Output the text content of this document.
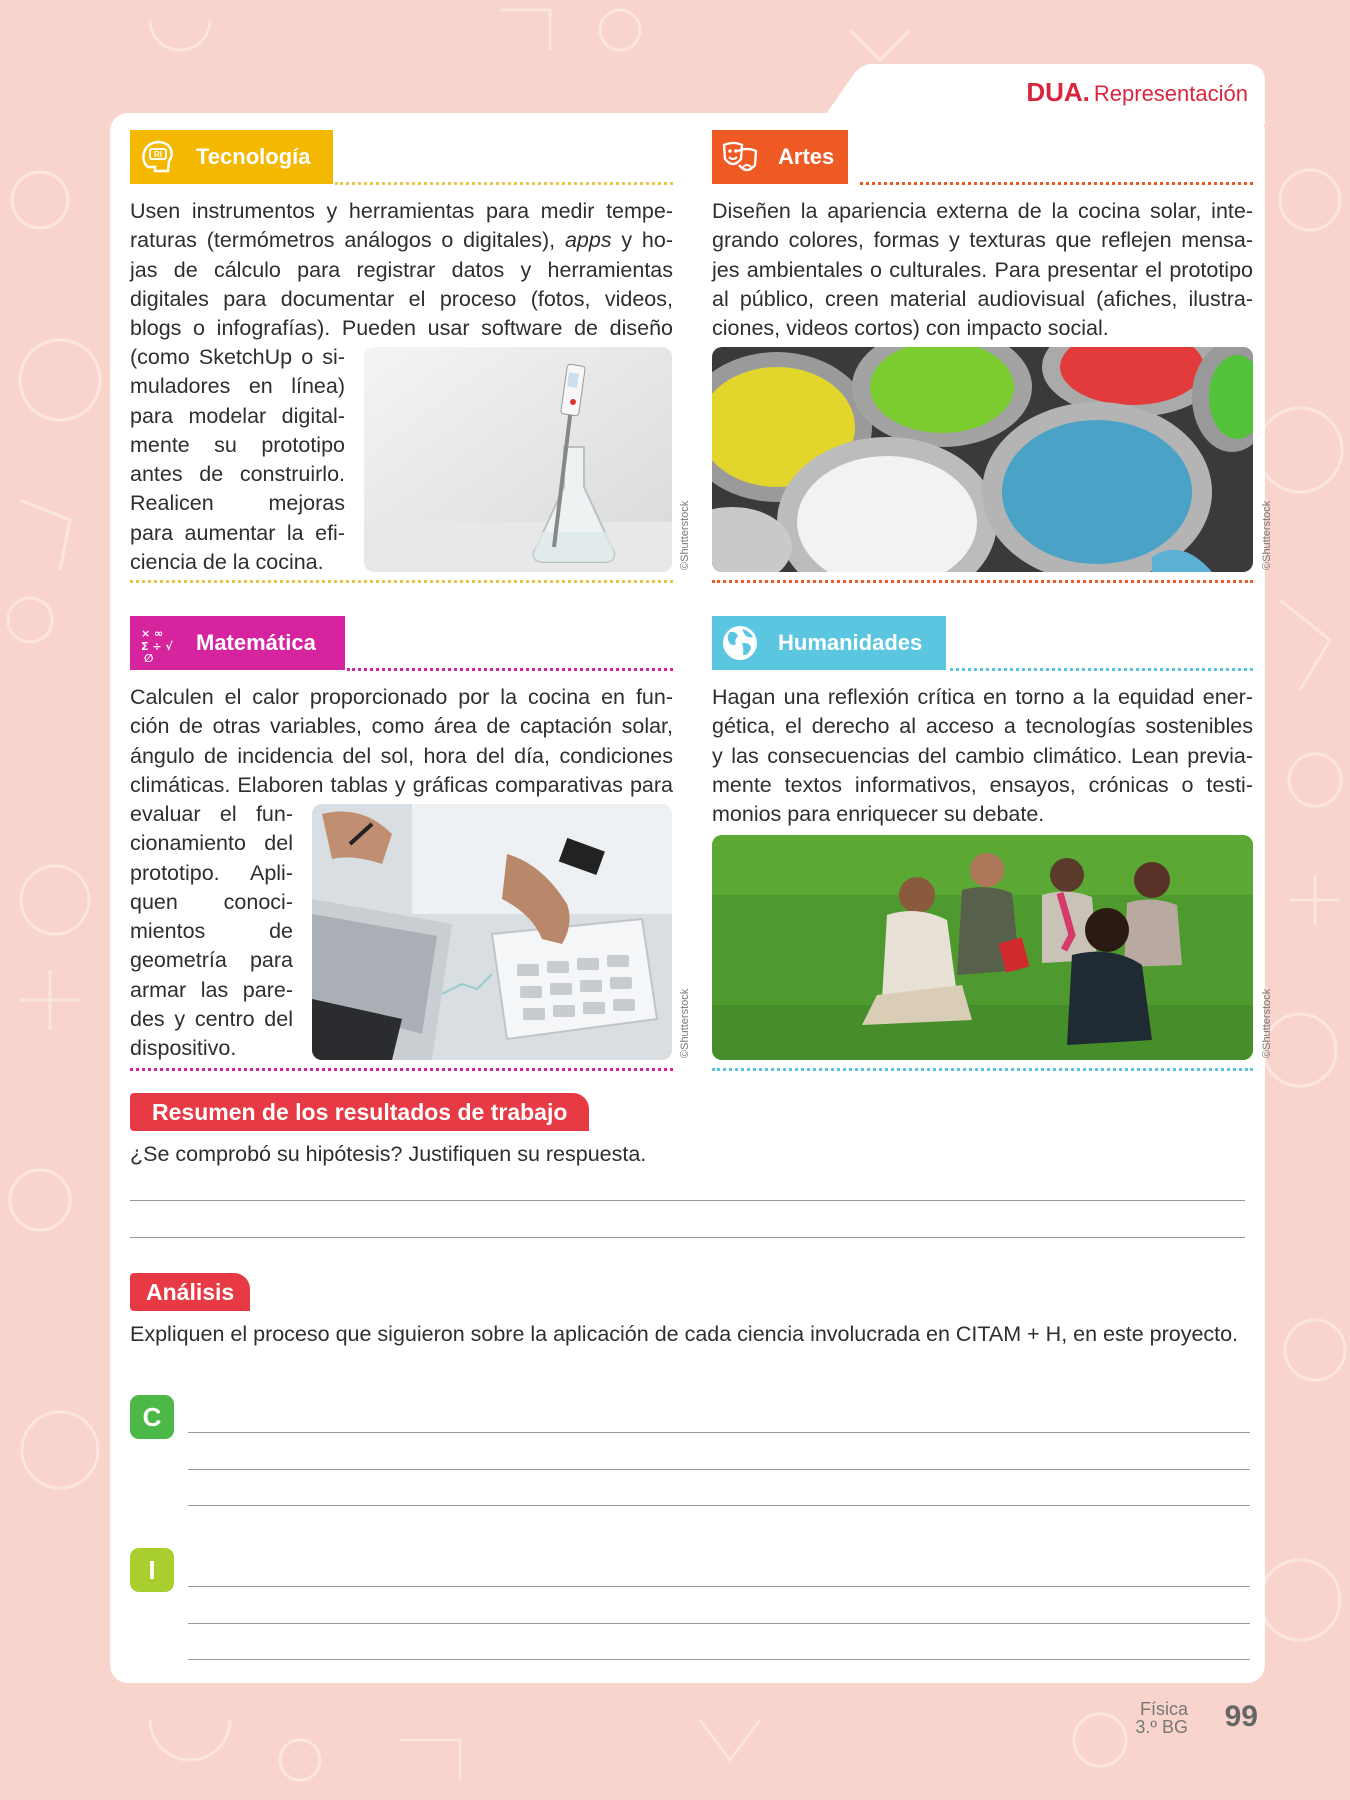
DUA. Representación
RI Tecnología
Usen instrumentos y herramientas para medir tempe-
raturas (termómetros análogos o digitales), apps y ho-
jas de cálculo para registrar datos y herramientas
digitales para documentar el proceso (fotos, videos,
blogs o infografías). Pueden usar software de diseño
(como SketchUp o si-
muladores en línea)
para modelar digital-
mente su prototipo
antes de construirlo.
Realicen mejoras
para aumentar la efi-
ciencia de la cocina.	©Shutterstock
Artes
Diseñen la apariencia externa de la cocina solar, inte-
grando colores, formas y texturas que reflejen mensa-
jes ambientales o culturales. Para presentar el prototipo
al público, creen material audiovisual (afiches, ilustra-
ciones, videos cortos) con impacto social.
©Shutterstock
× ∞
Σ ÷ √
∅
Matemática
Calculen el calor proporcionado por la cocina en fun-
ción de otras variables, como área de captación solar,
ángulo de incidencia del sol, hora del día, condiciones
climáticas. Elaboren tablas y gráficas comparativas para
evaluar el fun-
cionamiento del
prototipo. Apli-
quen conoci-
mientos de
geometría para
armar las pare-
des y centro del
dispositivo.	©Shutterstock
Humanidades
Hagan una reflexión crítica en torno a la equidad ener-
gética, el derecho al acceso a tecnologías sostenibles
y las consecuencias del cambio climático. Lean previa-
mente textos informativos, ensayos, crónicas o testi-
monios para enriquecer su debate.
©Shutterstock
Resumen de los resultados de trabajo
¿Se comprobó su hipótesis? Justifiquen su respuesta.
Análisis
Expliquen el proceso que siguieron sobre la aplicación de cada ciencia involucrada en CITAM + H, en este proyecto.
C
I
Física
3.º BG 99
